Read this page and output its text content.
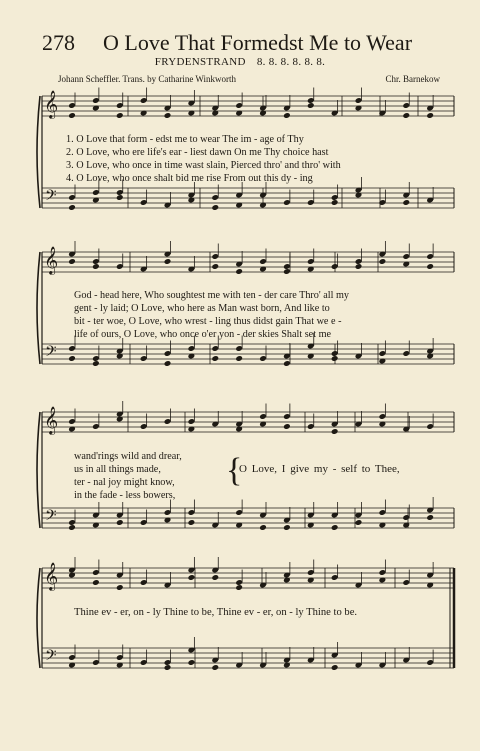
278 O Love That Formedst Me to Wear
FRYDENSTRAND 8. 8. 8. 8. 8. 8.
Johann Scheffler. Trans. by Catharine Winkworth	Chr. Barnekow
𝄞
𝄢
𝄞
𝄢
𝄞
𝄢
𝄞
𝄢
1. O Love that form - edst me to wear The im - age of Thy
2. O Love, who ere life's ear - liest dawn On me Thy choice hast
3. O Love, who once in time wast slain, Pierced thro' and thro' with
4. O Love, who once shalt bid me rise From out this dy - ing
God - head here, Who soughtest me with ten - der care Thro' all my
gent - ly laid; O Love, who here as Man wast born, And like to
bit - ter woe, O Love, who wrest - ling thus didst gain That we e -
life of ours, O Love, who once o'er yon - der skies Shalt set me
wand'rings wild and drear,
us in all things made,
ter - nal joy might know,
in the fade - less bowers,
{
O Love, I give my - self to Thee,
Thine ev - er, on - ly Thine to be, Thine ev - er, on - ly Thine to be.
